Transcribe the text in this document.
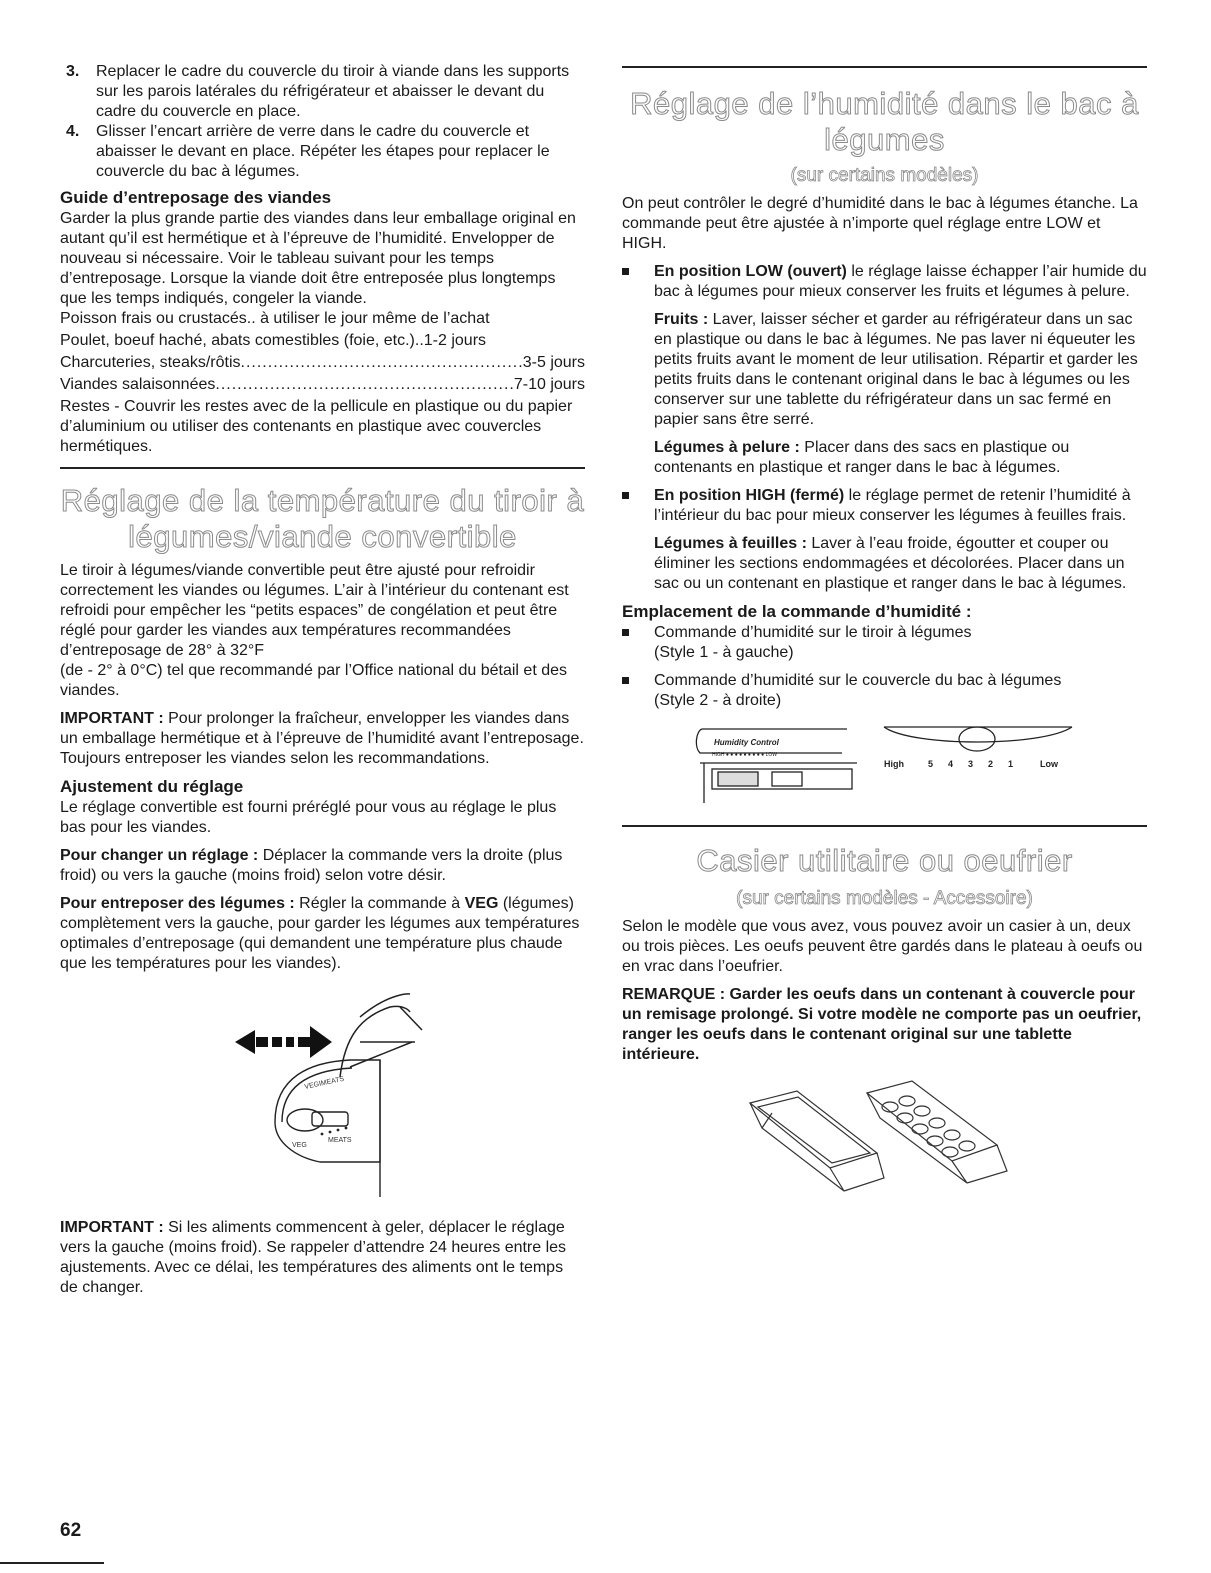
3. Replacer le cadre du couvercle du tiroir à viande dans les supports sur les parois latérales du réfrigérateur et abaisser le devant du cadre du couvercle en place.
4. Glisser l’encart arrière de verre dans le cadre du couvercle et abaisser le devant en place. Répéter les étapes pour replacer le couvercle du bac à légumes.
Guide d’entreposage des viandes

Garder la plus grande partie des viandes dans leur emballage original en autant qu’il est hermétique et à l’épreuve de l’humidité. Envelopper de nouveau si nécessaire. Voir le tableau suivant pour les temps d’entreposage. Lorsque la viande doit être entreposée plus longtemps que les temps indiqués, congeler la viande.

Poisson frais ou crustacés.. à utiliser le jour même de l’achat

Poulet, boeuf haché, abats comestibles (foie, etc.).. 1-2 jours
Charcuteries, steaks/rôtis .....	3-5 jours
Viandes salaisonnées .....	7-10 jours

Restes - Couvrir les restes avec de la pellicule en plastique ou du papier d’aluminium ou utiliser des contenants en plastique avec couvercles hermétiques.

Réglage de la température du tiroir à
légumes/viande convertible

Le tiroir à légumes/viande convertible peut être ajusté pour refroidir correctement les viandes ou légumes. L’air à l’intérieur du contenant est refroidi pour empêcher les “petits espaces” de congélation et peut être réglé pour garder les viandes aux températures recommandées d’entreposage de 28° à 32°F

(de - 2° à 0°C) tel que recommandé par l’Office national du bétail et des viandes.

IMPORTANT : Pour prolonger la fraîcheur, envelopper les viandes dans un emballage hermétique et à l’épreuve de l’humidité avant l’entreposage. Toujours entreposer les viandes selon les recommandations.

Ajustement du réglage

Le réglage convertible est fourni préréglé pour vous au réglage le plus bas pour les viandes.

Pour changer un réglage : Déplacer la commande vers la droite (plus froid) ou vers la gauche (moins froid) selon votre désir.

Pour entreposer des légumes : Régler la commande à VEG (légumes) complètement vers la gauche, pour garder les légumes aux températures optimales d’entreposage (qui demandent une température plus chaude que les températures pour les viandes).

VEGIMEATS
VEG
MEATS

IMPORTANT : Si les aliments commencent à geler, déplacer le réglage vers la gauche (moins froid). Se rappeler d’attendre 24 heures entre les ajustements. Avec ce délai, les températures des aliments ont le temps de changer.

Réglage de l’humidité dans le bac à
légumes
(sur certains modèles)

On peut contrôler le degré d’humidité dans le bac à légumes étanche. La commande peut être ajustée à n’importe quel réglage entre LOW et HIGH.

En position LOW (ouvert) le réglage laisse échapper l’air humide du bac à légumes pour mieux conserver les fruits et légumes à pelure.

Fruits : Laver, laisser sécher et garder au réfrigérateur dans un sac en plastique ou dans le bac à légumes. Ne pas laver ni équeuter les petits fruits avant le moment de leur utilisation. Répartir et garder les petits fruits dans le contenant original dans le bac à légumes ou les conserver sur une tablette du réfrigérateur dans un sac fermé en papier sans être serré.

Légumes à pelure : Placer dans des sacs en plastique ou contenants en plastique et ranger dans le bac à légumes.

En position HIGH (fermé) le réglage permet de retenir l’humidité à l’intérieur du bac pour mieux conserver les légumes à feuilles frais.

Légumes à feuilles : Laver à l’eau froide, égoutter et couper ou éliminer les sections endommagées et décolorées. Placer dans un sac ou un contenant en plastique et ranger dans le bac à légumes.

Emplacement de la commande d’humidité :
Commande d’humidité sur le tiroir à légumes
(Style 1 - à gauche)
Commande d’humidité sur le couvercle du bac à légumes
(Style 2 - à droite)
Humidity Control
HIGH ● ● ● ● ● ● ● ● ● LOW
High	5 4 3 2 1	Low
Casier utilitaire ou oeufrier
(sur certains modèles - Accessoire)

Selon le modèle que vous avez, vous pouvez avoir un casier à un, deux ou trois pièces. Les oeufs peuvent être gardés dans le plateau à oeufs ou en vrac dans l’oeufrier.

REMARQUE : Garder les oeufs dans un contenant à couvercle pour un remisage prolongé. Si votre modèle ne comporte pas un oeufrier, ranger les oeufs dans le contenant original sur une tablette intérieure.

62
